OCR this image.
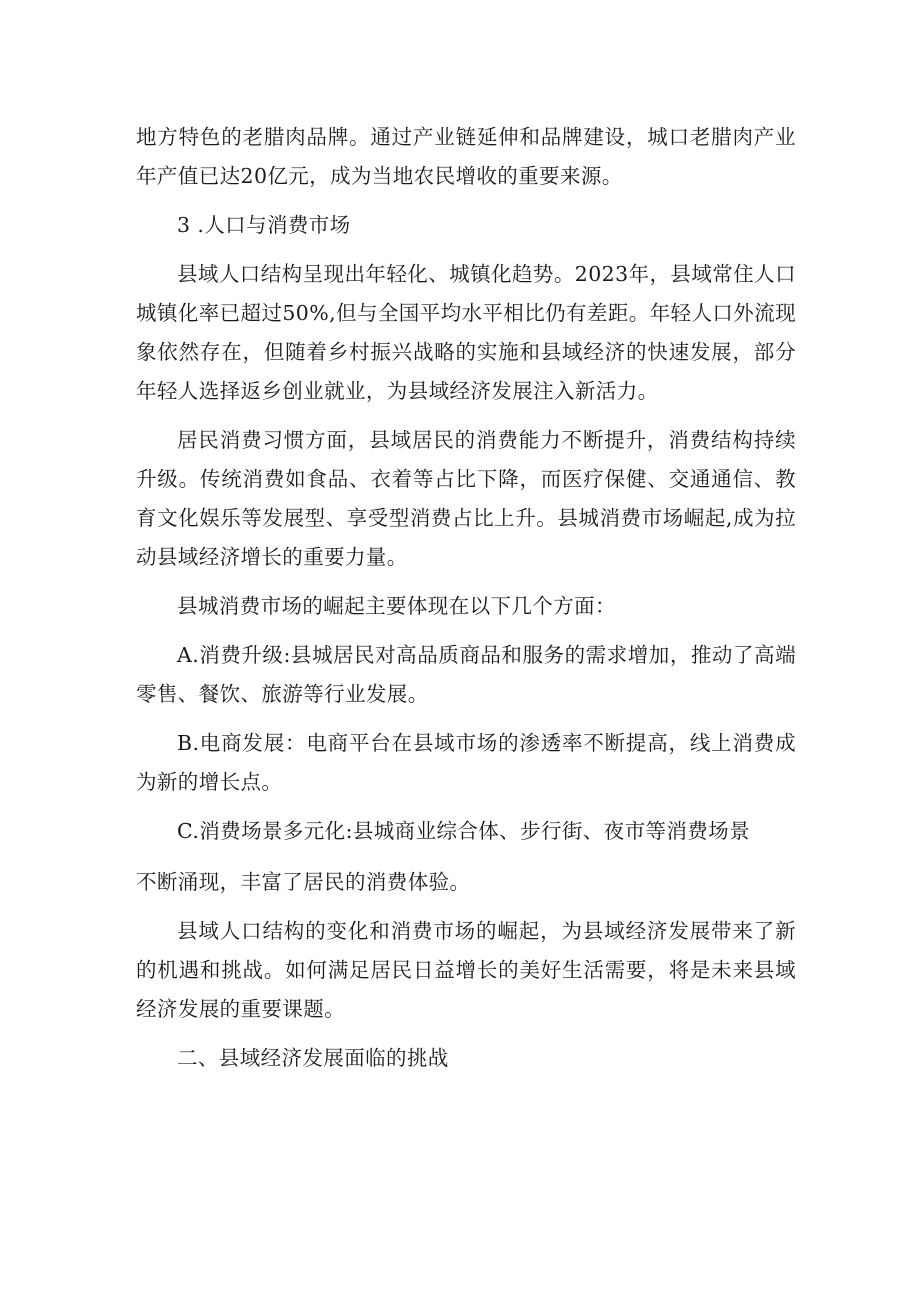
地方特色的老腊肉品牌。通过产业链延伸和品牌建设，城口老腊肉产业年产值已达20亿元，成为当地农民增收的重要来源。

3 .人口与消费市场

县域人口结构呈现出年轻化、城镇化趋势。2023年，县域常住人口城镇化率已超过50%,但与全国平均水平相比仍有差距。年轻人口外流现象依然存在，但随着乡村振兴战略的实施和县域经济的快速发展，部分年轻人选择返乡创业就业，为县域经济发展注入新活力。

居民消费习惯方面，县域居民的消费能力不断提升，消费结构持续升级。传统消费如食品、衣着等占比下降，而医疗保健、交通通信、教育文化娱乐等发展型、享受型消费占比上升。县城消费市场崛起,成为拉动县域经济增长的重要力量。

县城消费市场的崛起主要体现在以下几个方面：

A.消费升级:县城居民对高品质商品和服务的需求增加，推动了高端零售、餐饮、旅游等行业发展。

B.电商发展：电商平台在县域市场的渗透率不断提高，线上消费成为新的增长点。

C.消费场景多元化:县城商业综合体、步行街、夜市等消费场景

不断涌现，丰富了居民的消费体验。

县域人口结构的变化和消费市场的崛起，为县域经济发展带来了新的机遇和挑战。如何满足居民日益增长的美好生活需要，将是未来县域经济发展的重要课题。

二、县域经济发展面临的挑战
